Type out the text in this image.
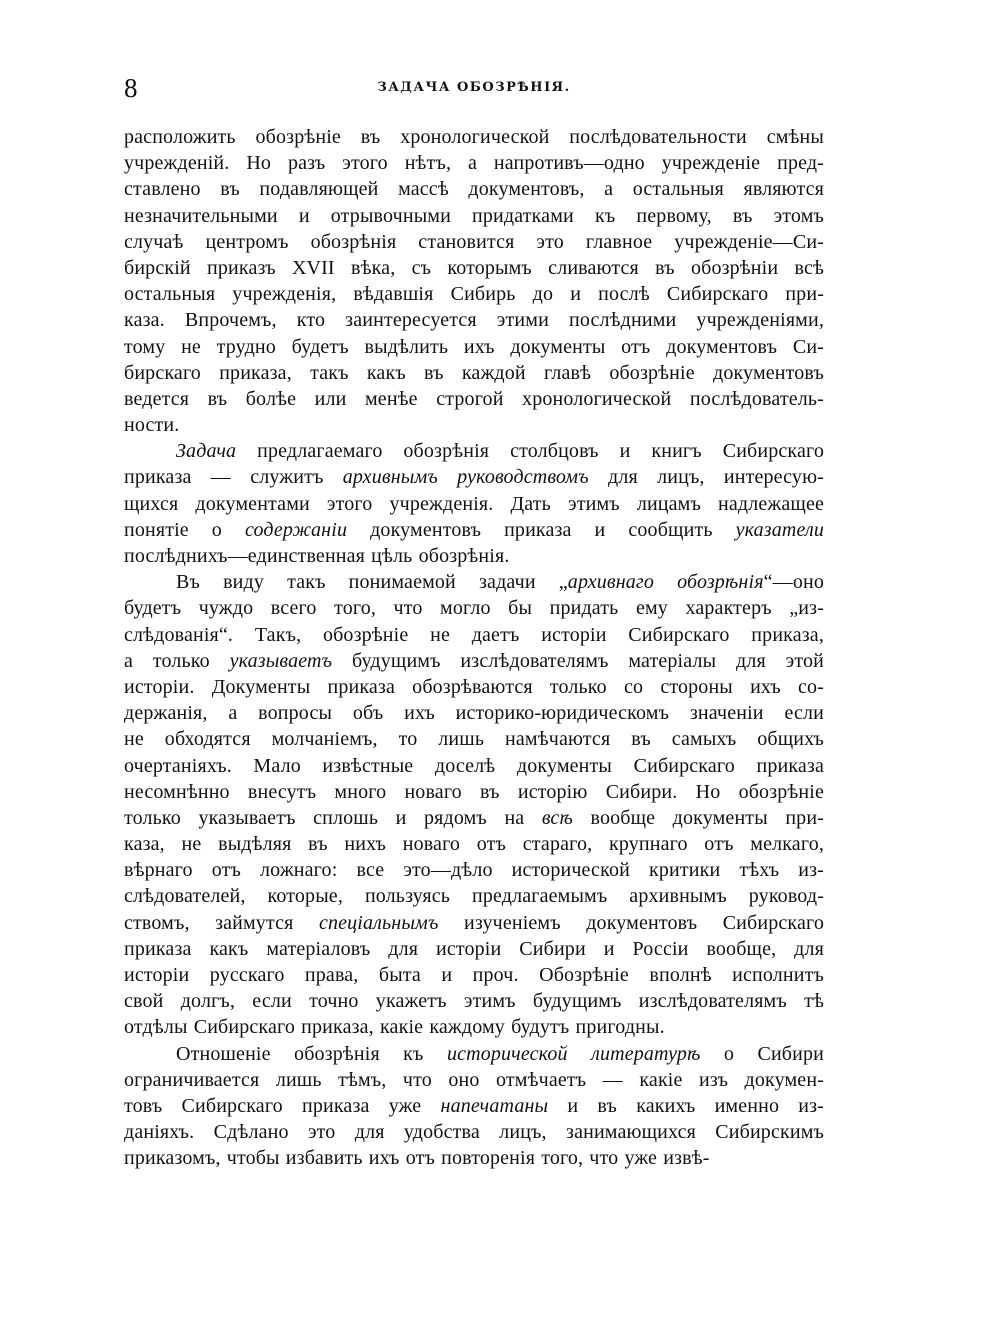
8	ЗАДАЧА ОБОЗРѢНІЯ.
расположить обозрѣніе въ хронологической послѣдовательности смѣны
учрежденій. Но разъ этого нѣтъ, а напротивъ—одно учрежденіе пред-
ставлено въ подавляющей массѣ документовъ, а остальныя являются
незначительными и отрывочными придатками къ первому, въ этомъ
случаѣ центромъ обозрѣнія становится это главное учрежденіе—Си-
бирскій приказъ XVII вѣка, съ которымъ сливаются въ обозрѣніи всѣ
остальныя учрежденія, вѣдавшія Сибирь до и послѣ Сибирскаго при-
каза. Впрочемъ, кто заинтересуется этими послѣдними учрежденіями,
тому не трудно будетъ выдѣлить ихъ документы отъ документовъ Си-
бирскаго приказа, такъ какъ въ каждой главѣ обозрѣніе документовъ
ведется въ болѣе или менѣе строгой хронологической послѣдователь-
ности.
Задача предлагаемаго обозрѣнія столбцовъ и книгъ Сибирскаго
приказа — служитъ архивнымъ руководствомъ для лицъ, интересую-
щихся документами этого учрежденія. Дать этимъ лицамъ надлежащее
понятіе о содержаніи документовъ приказа и сообщить указатели
послѣднихъ—единственная цѣль обозрѣнія.
Въ виду такъ понимаемой задачи „архивнаго обозрѣнія“—оно
будетъ чуждо всего того, что могло бы придать ему характеръ „из-
слѣдованія“. Такъ, обозрѣніе не даетъ исторіи Сибирскаго приказа,
а только указываетъ будущимъ изслѣдователямъ матеріалы для этой
исторіи. Документы приказа обозрѣваются только со стороны ихъ со-
держанія, а вопросы объ ихъ историко-юридическомъ значеніи если
не обходятся молчаніемъ, то лишь намѣчаются въ самыхъ общихъ
очертаніяхъ. Мало извѣстные доселѣ документы Сибирскаго приказа
несомнѣнно внесутъ много новаго въ исторію Сибири. Но обозрѣніе
только указываетъ сплошь и рядомъ на всѣ вообще документы при-
каза, не выдѣляя въ нихъ новаго отъ стараго, крупнаго отъ мелкаго,
вѣрнаго отъ ложнаго: все это—дѣло исторической критики тѣхъ из-
слѣдователей, которые, пользуясь предлагаемымъ архивнымъ руковод-
ствомъ, займутся спеціальнымъ изученіемъ документовъ Сибирскаго
приказа какъ матеріаловъ для исторіи Сибири и Россіи вообще, для
исторіи русскаго права, быта и проч. Обозрѣніе вполнѣ исполнитъ
свой долгъ, если точно укажетъ этимъ будущимъ изслѣдователямъ тѣ
отдѣлы Сибирскаго приказа, какіе каждому будутъ пригодны.
Отношеніе обозрѣнія къ исторической литературѣ о Сибири
ограничивается лишь тѣмъ, что оно отмѣчаетъ — какіе изъ докумен-
товъ Сибирскаго приказа уже напечатаны и въ какихъ именно из-
даніяхъ. Сдѣлано это для удобства лицъ, занимающихся Сибирскимъ
приказомъ, чтобы избавить ихъ отъ повторенія того, что уже извѣ-
